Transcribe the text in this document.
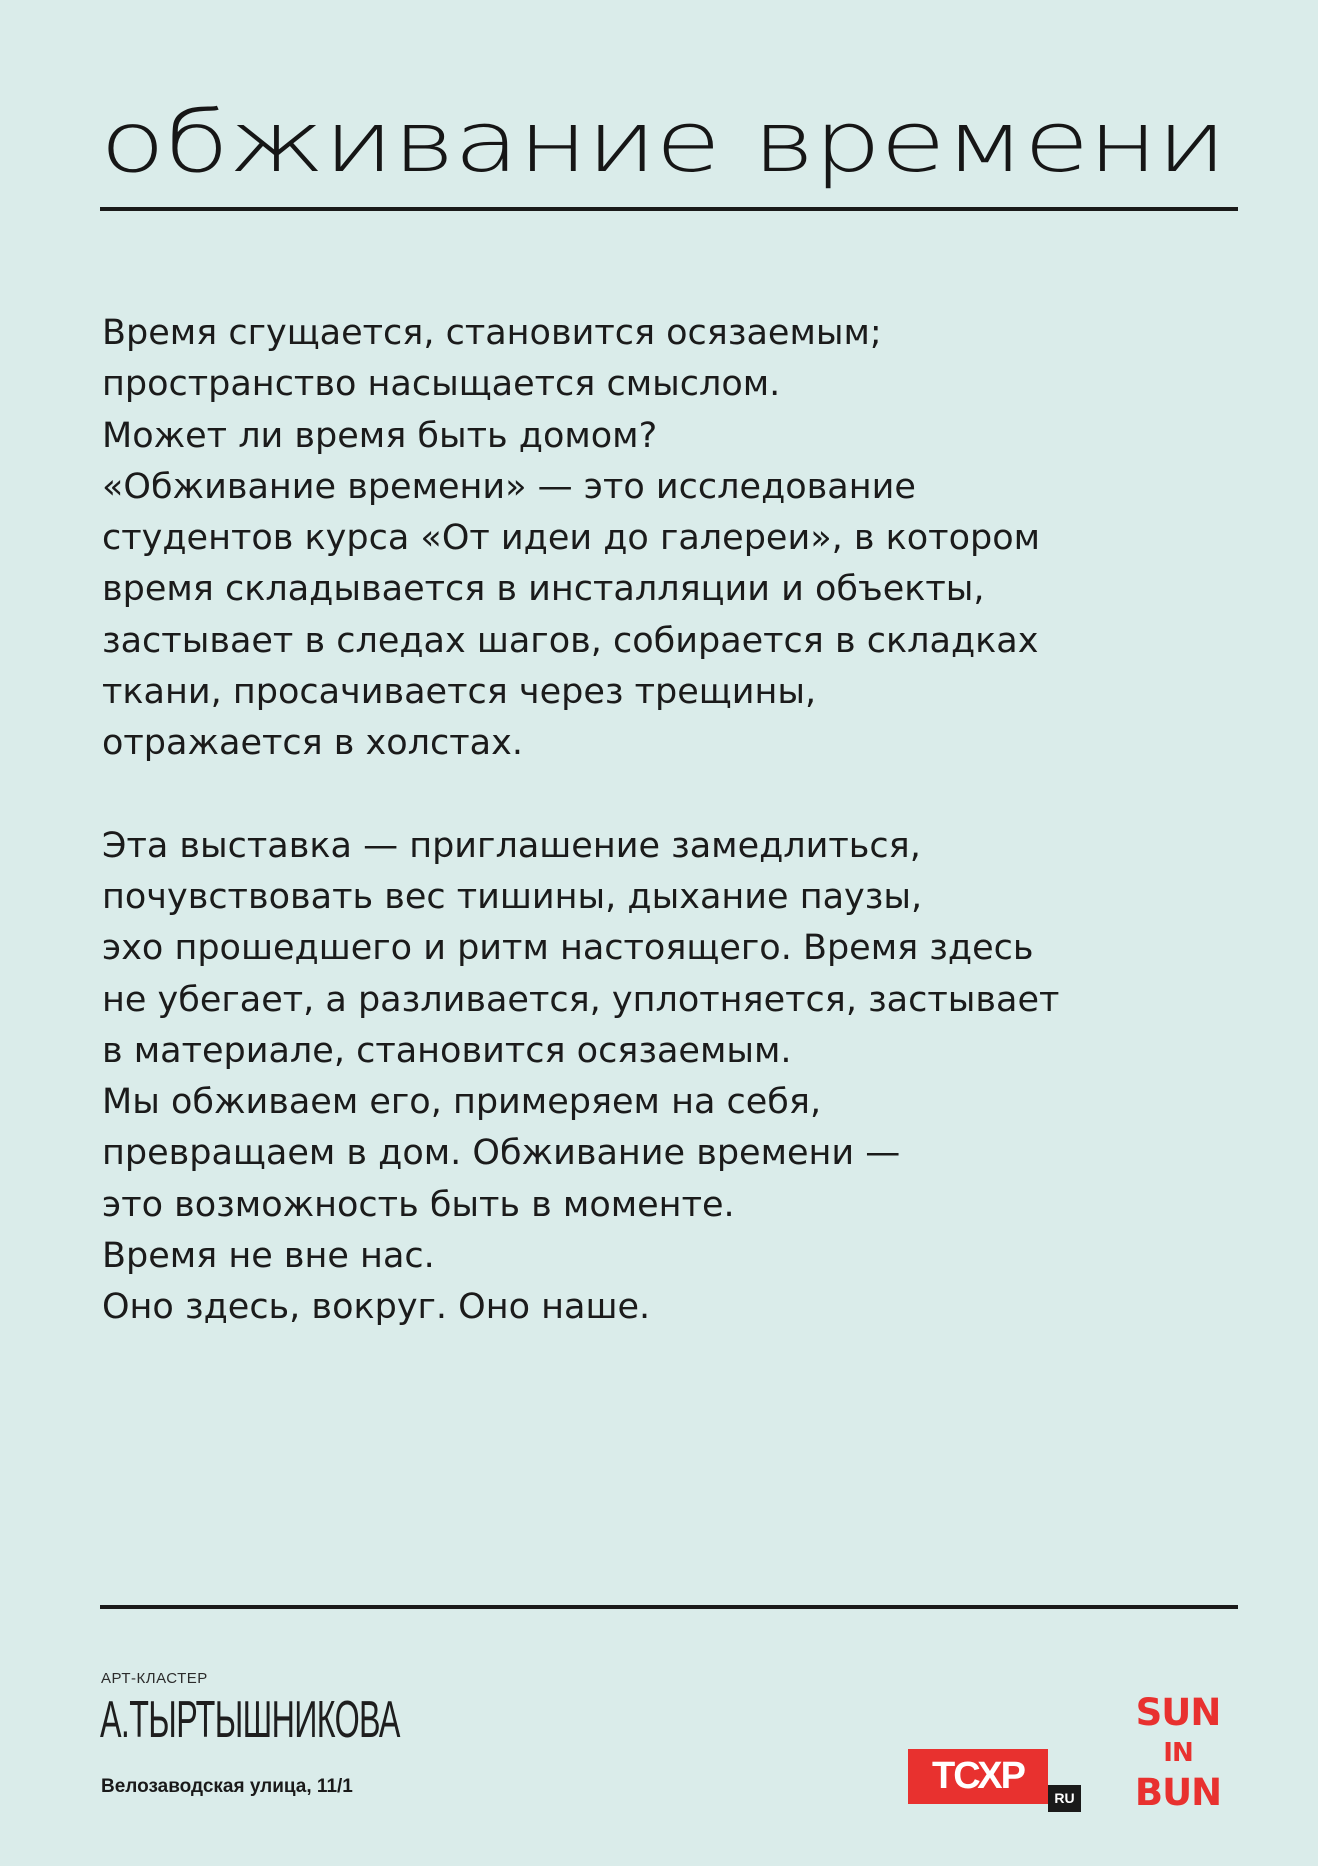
обживание времени

Время сгущается, становится осязаемым;
пространство насыщается смыслом.
Может ли время быть домом?
«Обживание времени» — это исследование
студентов курса «От идеи до галереи», в котором
время складывается в инсталляции и объекты,
застывает в следах шагов, собирается в складках
ткани, просачивается через трещины,
отражается в холстах.

Эта выставка — приглашение замедлиться,
почувствовать вес тишины, дыхание паузы,
эхо прошедшего и ритм настоящего. Время здесь
не убегает, а разливается, уплотняется, застывает
в материале, становится осязаемым.
Мы обживаем его, примеряем на себя,
превращаем в дом. Обживание времени —
это возможность быть в моменте.
Время не вне нас.
Оно здесь, вокруг. Оно наше.

АРТ-КЛАСТЕР
А.ТЫРТЫШНИКОВА
Велозаводская улица, 11/1	ТСХР
RU
SUN
IN
BUN
